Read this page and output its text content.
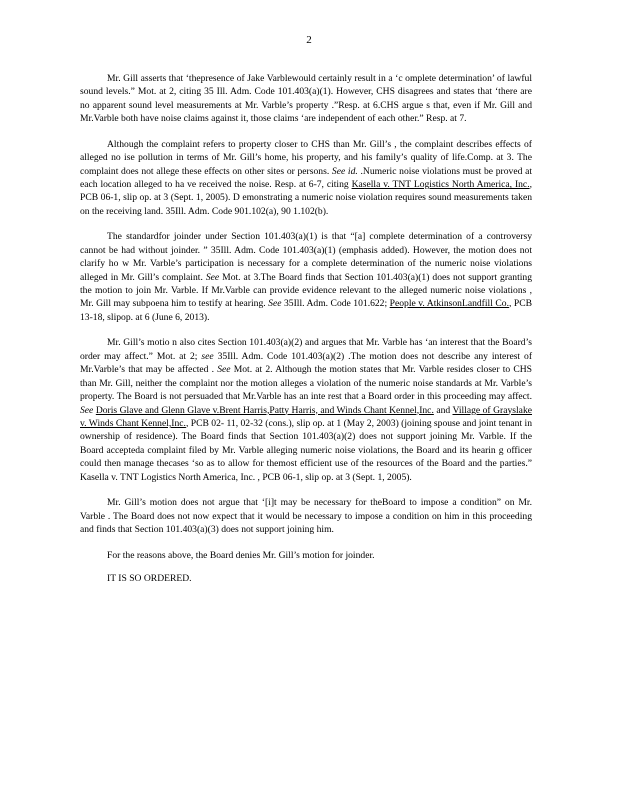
2

Mr. Gill asserts that ‘thepresence of Jake Varblewould certainly result in a ‘c omplete determination’ of lawful sound levels.” Mot. at 2, citing 35 Ill. Adm. Code 101.403(a)(1). However, CHS disagrees and states that ‘there are no apparent sound level measurements at Mr. Varble’s property .”Resp. at 6.CHS argue s that, even if Mr. Gill and Mr.Varble both have noise claims against it, those claims ‘are independent of each other.” Resp. at 7.

Although the complaint refers to property closer to CHS than Mr. Gill’s , the complaint describes effects of alleged no ise pollution in terms of Mr. Gill’s home, his property, and his family’s quality of life.Comp. at 3. The complaint does not allege these effects on other sites or persons. See id. .Numeric noise violations must be proved at each location alleged to ha ve received the noise. Resp. at 6-7, citing Kasella v. TNT Logistics North America, Inc., PCB 06-1, slip op. at 3 (Sept. 1, 2005). D emonstrating a numeric noise violation requires sound measurements taken on the receiving land. 35Ill. Adm. Code 901.102(a), 90 1.102(b).

The standardfor joinder under Section 101.403(a)(1) is that “[a] complete determination of a controversy cannot be had without joinder. ” 35Ill. Adm. Code 101.403(a)(1) (emphasis added). However, the motion does not clarify ho w Mr. Varble’s participation is necessary for a complete determination of the numeric noise violations alleged in Mr. Gill’s complaint. See Mot. at 3.The Board finds that Section 101.403(a)(1) does not support granting the motion to join Mr. Varble. If Mr.Varble can provide evidence relevant to the alleged numeric noise violations , Mr. Gill may subpoena him to testify at hearing. See 35Ill. Adm. Code 101.622; People v. AtkinsonLandfill Co., PCB 13-18, slipop. at 6 (June 6, 2013).

Mr. Gill’s motio n also cites Section 101.403(a)(2) and argues that Mr. Varble has ‘an interest that the Board’s order may affect.” Mot. at 2; see 35Ill. Adm. Code 101.403(a)(2) .The motion does not describe any interest of Mr.Varble’s that may be affected . See Mot. at 2. Although the motion states that Mr. Varble resides closer to CHS than Mr. Gill, neither the complaint nor the motion alleges a violation of the numeric noise standards at Mr. Varble’s property. The Board is not persuaded that Mr.Varble has an inte rest that a Board order in this proceeding may affect. See Doris Glave and Glenn Glave v.Brent Harris,Patty Harris, and Winds Chant Kennel,Inc. and Village of Grayslake v. Winds Chant Kennel,Inc., PCB 02- 11, 02-32 (cons.), slip op. at 1 (May 2, 2003) (joining spouse and joint tenant in ownership of residence). The Board finds that Section 101.403(a)(2) does not support joining Mr. Varble. If the Board accepteda complaint filed by Mr. Varble alleging numeric noise violations, the Board and its hearin g officer could then manage thecases ‘so as to allow for themost efficient use of the resources of the Board and the parties.” Kasella v. TNT Logistics North America, Inc. , PCB 06-1, slip op. at 3 (Sept. 1, 2005).

Mr. Gill’s motion does not argue that ‘[i]t may be necessary for theBoard to impose a condition” on Mr. Varble . The Board does not now expect that it would be necessary to impose a condition on him in this proceeding and finds that Section 101.403(a)(3) does not support joining him.

For the reasons above, the Board denies Mr. Gill’s motion for joinder.

IT IS SO ORDERED.
